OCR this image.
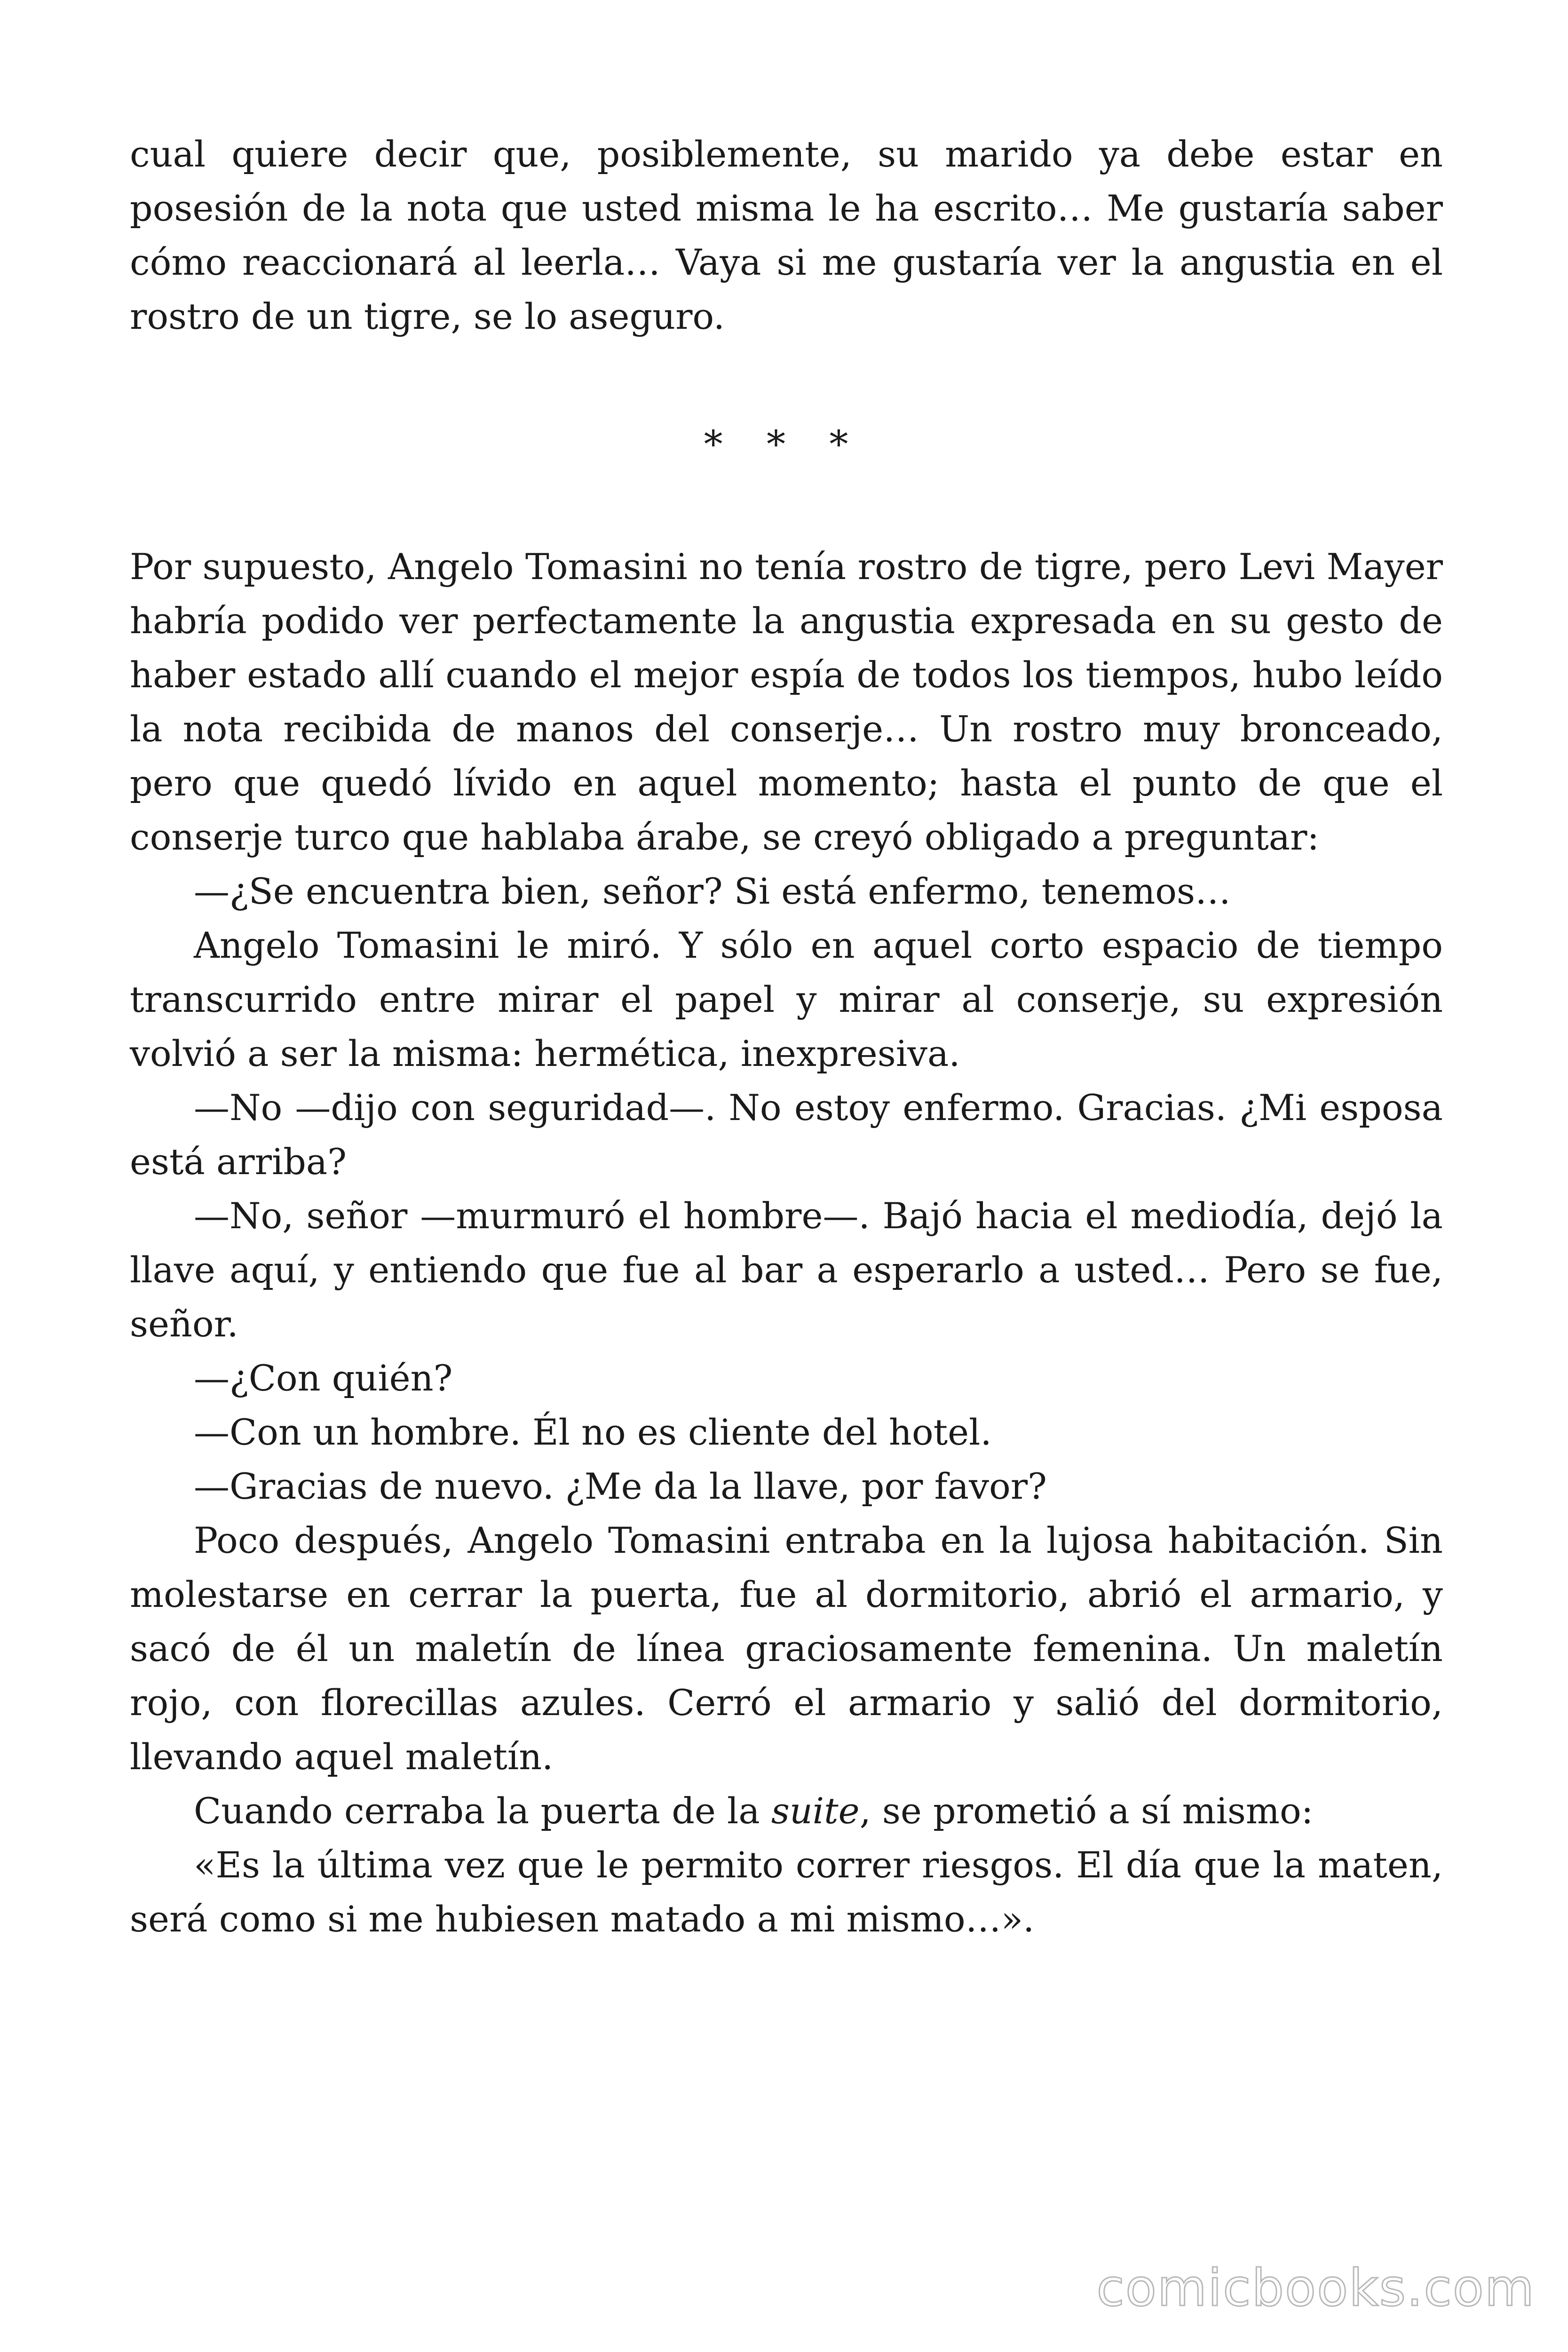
cual quiere decir que, posiblemente, su marido ya debe estar en posesión de la nota que usted misma le ha escrito… Me gustaría saber cómo reaccionará al leerla… Vaya si me gustaría ver la angustia en el rostro de un tigre, se lo aseguro.

* * *

Por supuesto, Angelo Tomasini no tenía rostro de tigre, pero Levi Mayer habría podido ver perfectamente la angustia expresada en su gesto de haber estado allí cuando el mejor espía de todos los tiempos, hubo leído la nota recibida de manos del conserje… Un rostro muy bronceado, pero que quedó lívido en aquel momento; hasta el punto de que el conserje turco que hablaba árabe, se creyó obligado a preguntar:

—¿Se encuentra bien, señor? Si está enfermo, tenemos…

Angelo Tomasini le miró. Y sólo en aquel corto espacio de tiempo transcurrido entre mirar el papel y mirar al conserje, su expresión volvió a ser la misma: hermética, inexpresiva.

—No —dijo con seguridad—. No estoy enfermo. Gracias. ¿Mi esposa está arriba?

—No, señor —murmuró el hombre—. Bajó hacia el mediodía, dejó la llave aquí, y entiendo que fue al bar a esperarlo a usted… Pero se fue, señor.

—¿Con quién?

—Con un hombre. Él no es cliente del hotel.

—Gracias de nuevo. ¿Me da la llave, por favor?

Poco después, Angelo Tomasini entraba en la lujosa habitación. Sin molestarse en cerrar la puerta, fue al dormitorio, abrió el armario, y sacó de él un maletín de línea graciosamente femenina. Un maletín rojo, con florecillas azules. Cerró el armario y salió del dormitorio, llevando aquel maletín.

Cuando cerraba la puerta de la suite, se prometió a sí mismo:

«Es la última vez que le permito correr riesgos. El día que la maten, será como si me hubiesen matado a mi mismo…».

comicbooks.com
